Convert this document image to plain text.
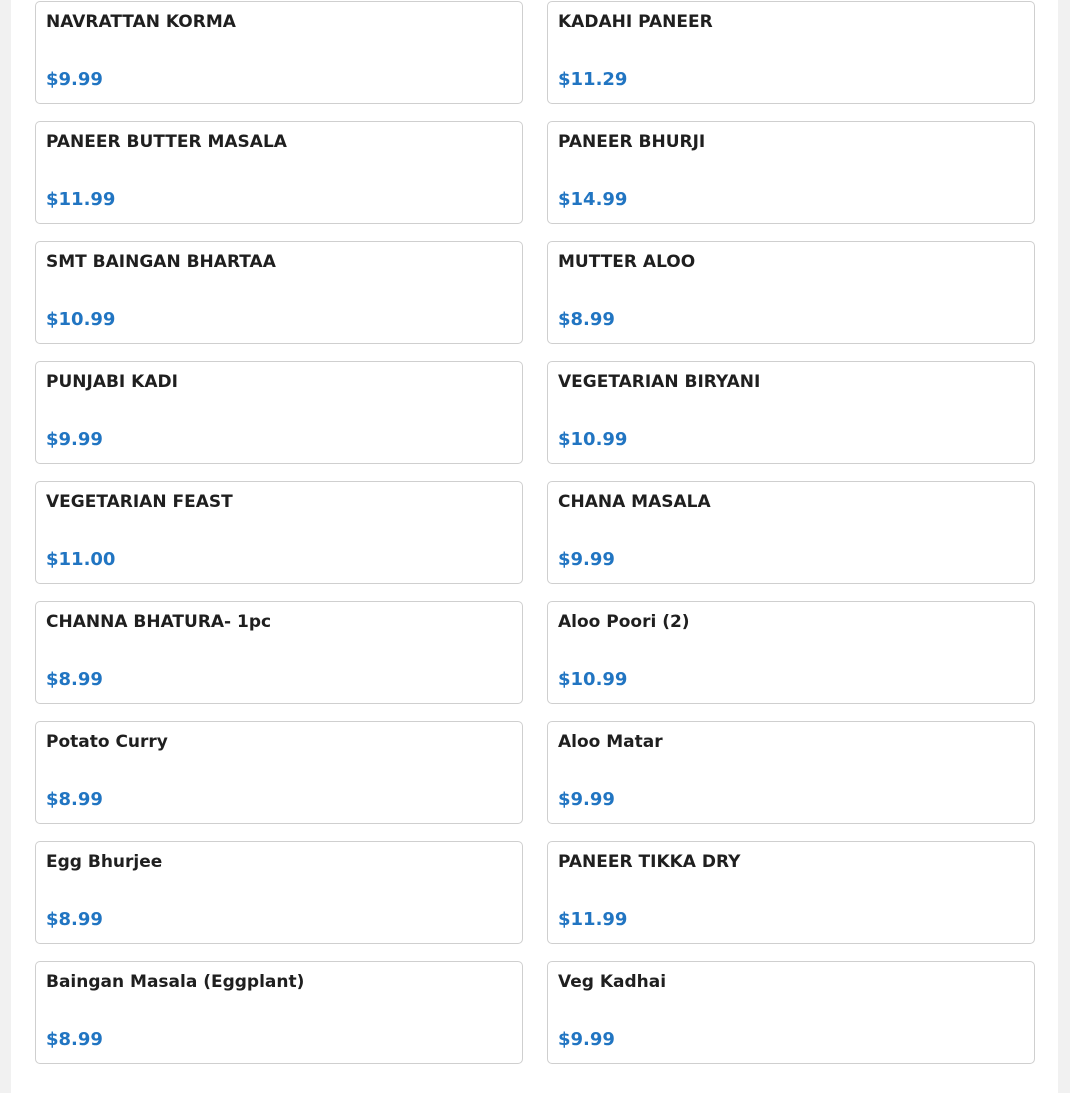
NAVRATTAN KORMA
$9.99
KADAHI PANEER
$11.29
PANEER BUTTER MASALA
$11.99
PANEER BHURJI
$14.99
SMT BAINGAN BHARTAA
$10.99
MUTTER ALOO
$8.99
PUNJABI KADI
$9.99
VEGETARIAN BIRYANI
$10.99
VEGETARIAN FEAST
$11.00
CHANA MASALA
$9.99
CHANNA BHATURA- 1pc
$8.99
Aloo Poori (2)
$10.99
Potato Curry
$8.99
Aloo Matar
$9.99
Egg Bhurjee
$8.99
PANEER TIKKA DRY
$11.99
Baingan Masala (Eggplant)
$8.99
Veg Kadhai
$9.99
